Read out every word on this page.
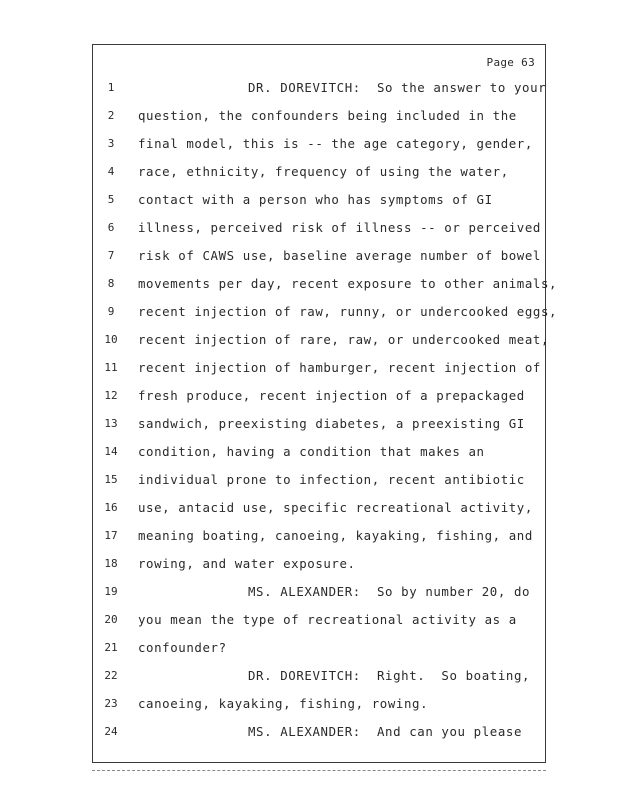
Page 63
1	DR. DOREVITCH:  So the answer to your
2	question, the confounders being included in the
3	final model, this is -- the age category, gender,
4	race, ethnicity, frequency of using the water,
5	contact with a person who has symptoms of GI
6	illness, perceived risk of illness -- or perceived
7	risk of CAWS use, baseline average number of bowel
8	movements per day, recent exposure to other animals,
9	recent injection of raw, runny, or undercooked eggs,
10 recent injection of rare, raw, or undercooked meat,
11 recent injection of hamburger, recent injection of
12 fresh produce, recent injection of a prepackaged
13 sandwich, preexisting diabetes, a preexisting GI
14 condition, having a condition that makes an
15 individual prone to infection, recent antibiotic
16 use, antacid use, specific recreational activity,
17 meaning boating, canoeing, kayaking, fishing, and
18 rowing, and water exposure.
19	MS. ALEXANDER:  So by number 20, do
20 you mean the type of recreational activity as a
21 confounder?
22	DR. DOREVITCH:  Right.  So boating,
23 canoeing, kayaking, fishing, rowing.
24	MS. ALEXANDER:  And can you please
